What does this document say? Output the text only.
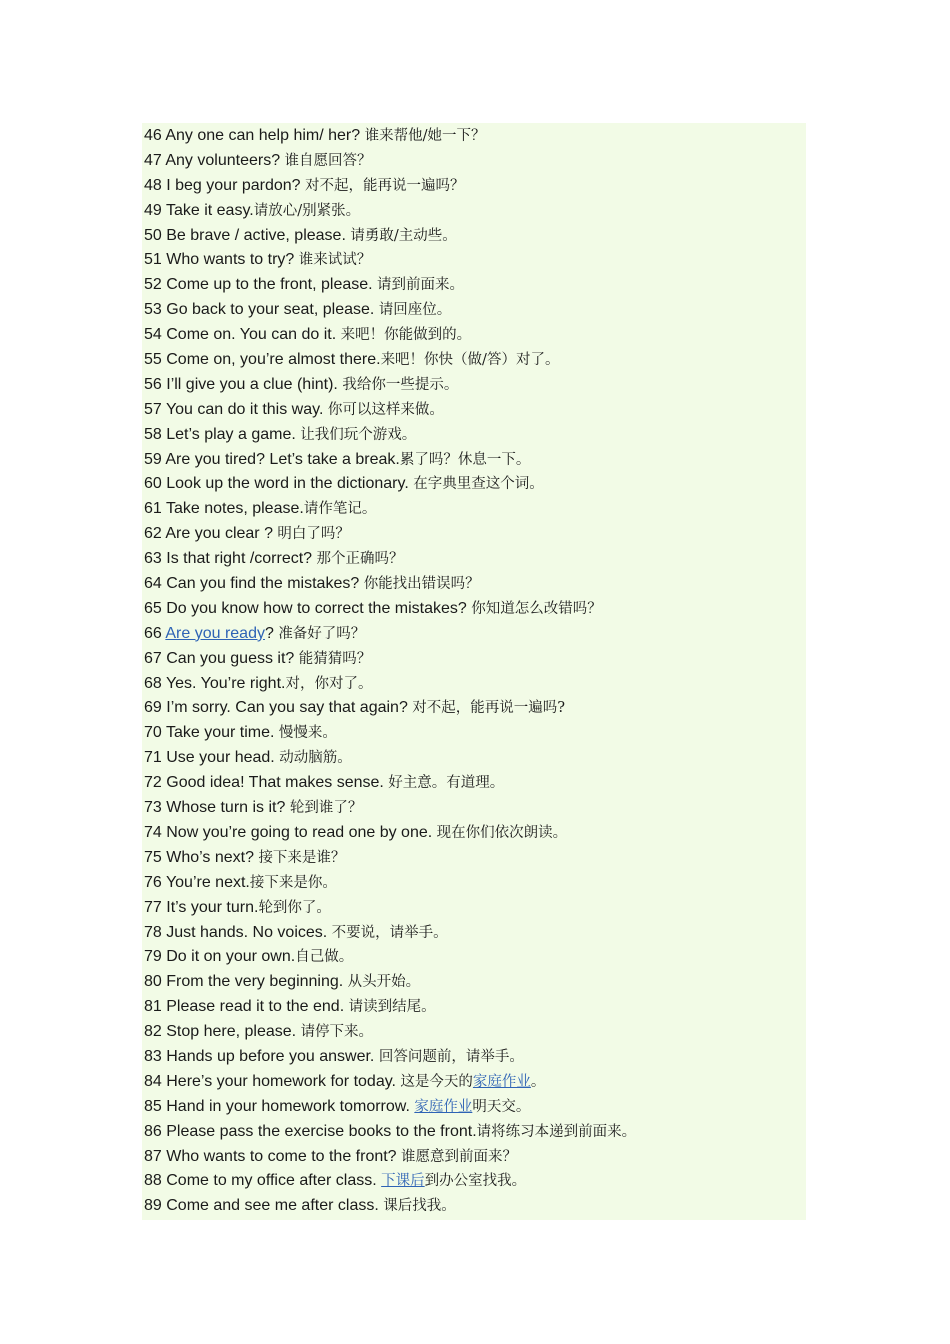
46 Any one can help him/ her? 谁来帮他/她一下？
47 Any volunteers? 谁自愿回答？
48 I beg your pardon? 对不起，能再说一遍吗？
49 Take it easy.请放心/别紧张。
50 Be brave / active, please. 请勇敢/主动些。
51 Who wants to try? 谁来试试？
52 Come up to the front, please. 请到前面来。
53 Go back to your seat, please. 请回座位。
54 Come on. You can do it. 来吧！你能做到的。
55 Come on, you’re almost there.来吧！你快（做/答）对了。
56 I’ll give you a clue (hint). 我给你一些提示。
57 You can do it this way. 你可以这样来做。
58 Let’s play a game. 让我们玩个游戏。
59 Are you tired? Let’s take a break.累了吗？休息一下。
60 Look up the word in the dictionary. 在字典里查这个词。
61 Take notes, please.请作笔记。
62 Are you clear ? 明白了吗？
63 Is that right /correct? 那个正确吗？
64 Can you find the mistakes? 你能找出错误吗？
65 Do you know how to correct the mistakes? 你知道怎么改错吗？
66 Are you ready? 准备好了吗？
67 Can you guess it? 能猜猜吗？
68 Yes. You’re right.对，你对了。
69 I’m sorry. Can you say that again? 对不起，能再说一遍吗?
70 Take your time. 慢慢来。
71 Use your head. 动动脑筋。
72 Good idea! That makes sense. 好主意。有道理。
73 Whose turn is it? 轮到谁了？
74 Now you’re going to read one by one. 现在你们依次朗读。
75 Who’s next? 接下来是谁？
76 You’re next.接下来是你。
77 It’s your turn.轮到你了。
78 Just hands. No voices. 不要说，请举手。
79 Do it on your own.自己做。
80 From the very beginning. 从头开始。
81 Please read it to the end. 请读到结尾。
82 Stop here, please. 请停下来。
83 Hands up before you answer. 回答问题前，请举手。
84 Here’s your homework for today. 这是今天的家庭作业。
85 Hand in your homework tomorrow. 家庭作业明天交。
86 Please pass the exercise books to the front.请将练习本递到前面来。
87 Who wants to come to the front? 谁愿意到前面来？
88 Come to my office after class. 下课后到办公室找我。
89 Come and see me after class. 课后找我。
